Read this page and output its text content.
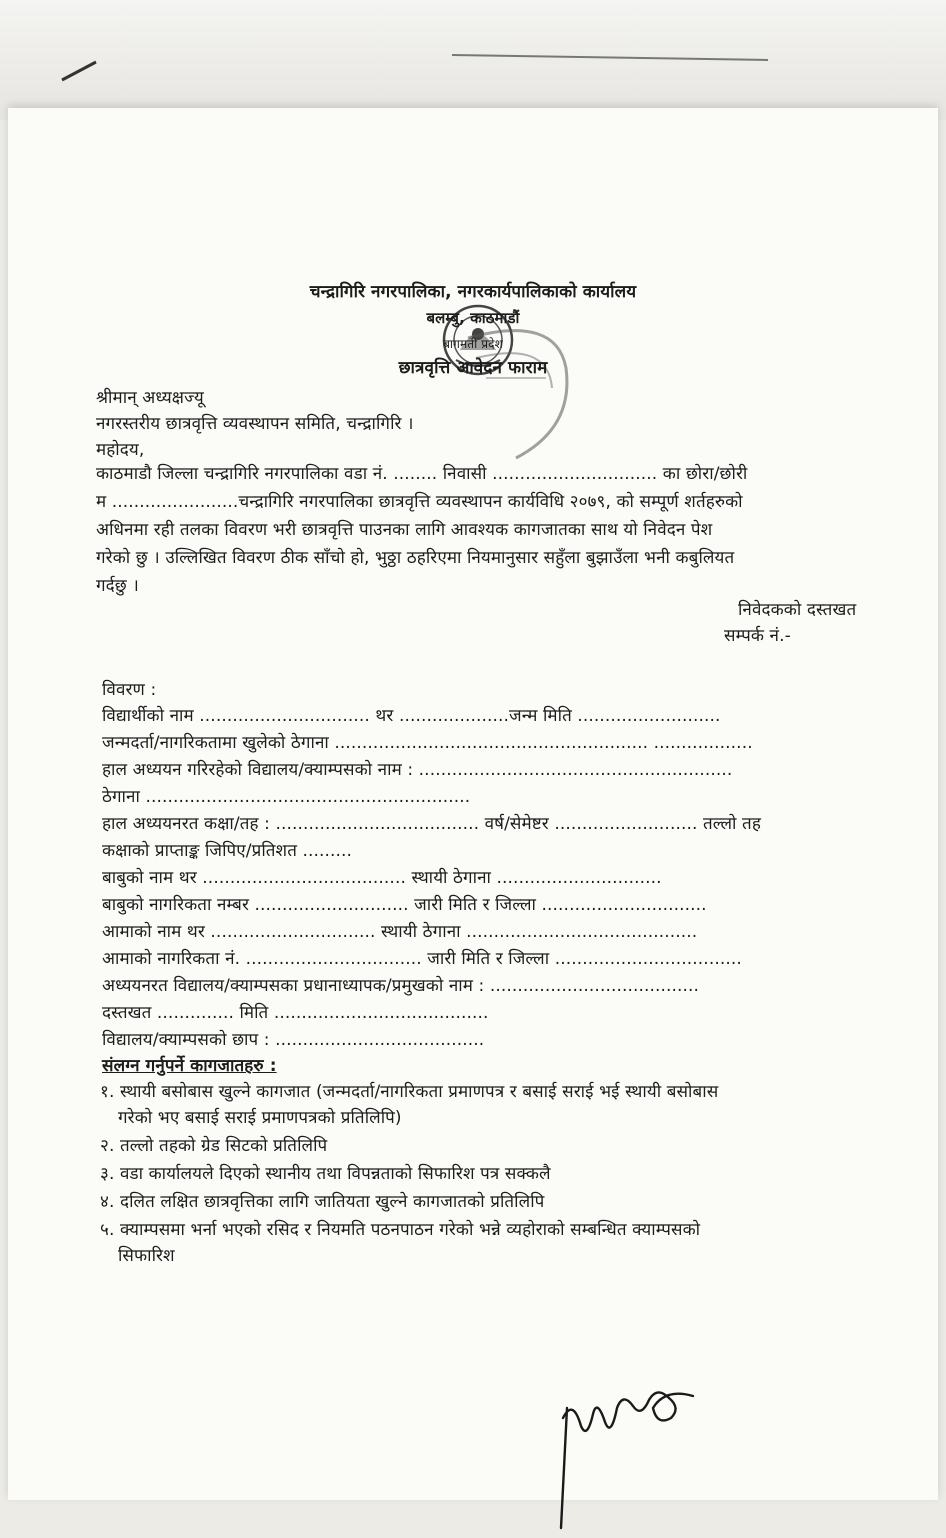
चन्द्रागिरि नगरपालिका, नगरकार्यपालिकाको कार्यालय
बलम्बु, काठमाडौं
बागमती प्रदेश
छात्रवृत्ति आवेदन फाराम
श्रीमान् अध्यक्षज्यू
नगरस्तरीय छात्रवृत्ति व्यवस्थापन समिति, चन्द्रागिरि ।
महोदय,
काठमाडौ जिल्ला चन्द्रागिरि नगरपालिका वडा नं. ........ निवासी .............................. का छोरा/छोरी
म .......................चन्द्रागिरि नगरपालिका छात्रवृत्ति व्यवस्थापन कार्यविधि २०७९, को सम्पूर्ण शर्तहरुको
अधिनमा रही तलका विवरण भरी छात्रवृत्ति पाउनका लागि आवश्यक कागजातका साथ यो निवेदन पेश
गरेको छु । उल्लिखित विवरण ठीक साँचो हो, भुठ्ठा ठहरिएमा नियमानुसार सहुँला बुझाउँला भनी कबुलियत
गर्दछु ।
निवेदकको दस्तखत
सम्पर्क नं.-
विवरण :
विद्यार्थीको नाम ............................... थर ....................जन्म मिति ..........................
जन्मदर्ता/नागरिकतामा खुलेको ठेगाना ......................................................... ..................
हाल अध्ययन गरिरहेको विद्यालय/क्याम्पसको नाम : .........................................................
ठेगाना ...........................................................
हाल अध्ययनरत कक्षा/तह : ..................................... वर्ष/सेमेष्टर .......................... तल्लो तह
कक्षाको प्राप्ताङ्क जिपिए/प्रतिशत .........
बाबुको नाम थर ..................................... स्थायी ठेगाना ..............................
बाबुको नागरिकता नम्बर ............................ जारी मिति र जिल्ला ..............................
आमाको नाम थर .............................. स्थायी ठेगाना ..........................................
आमाको नागरिकता नं. ................................ जारी मिति र जिल्ला ..................................
अध्ययनरत विद्यालय/क्याम्पसका प्रधानाध्यापक/प्रमुखको नाम : ......................................
दस्तखत .............. मिति .......................................
विद्यालय/क्याम्पसको छाप : ......................................
संलग्न गर्नुपर्ने कागजातहरु :
१. स्थायी बसोबास खुल्ने कागजात (जन्मदर्ता/नागरिकता प्रमाणपत्र र बसाई सराई भई स्थायी बसोबास
गरेको भए बसाई सराई प्रमाणपत्रको प्रतिलिपि)
२. तल्लो तहको ग्रेड सिटको प्रतिलिपि
३. वडा कार्यालयले दिएको स्थानीय तथा विपन्नताको सिफारिश पत्र सक्कलै
४. दलित लक्षित छात्रवृत्तिका लागि जातियता खुल्ने कागजातको प्रतिलिपि
५. क्याम्पसमा भर्ना भएको रसिद र नियमति पठनपाठन गरेको भन्ने व्यहोराको सम्बन्धित क्याम्पसको
सिफारिश
